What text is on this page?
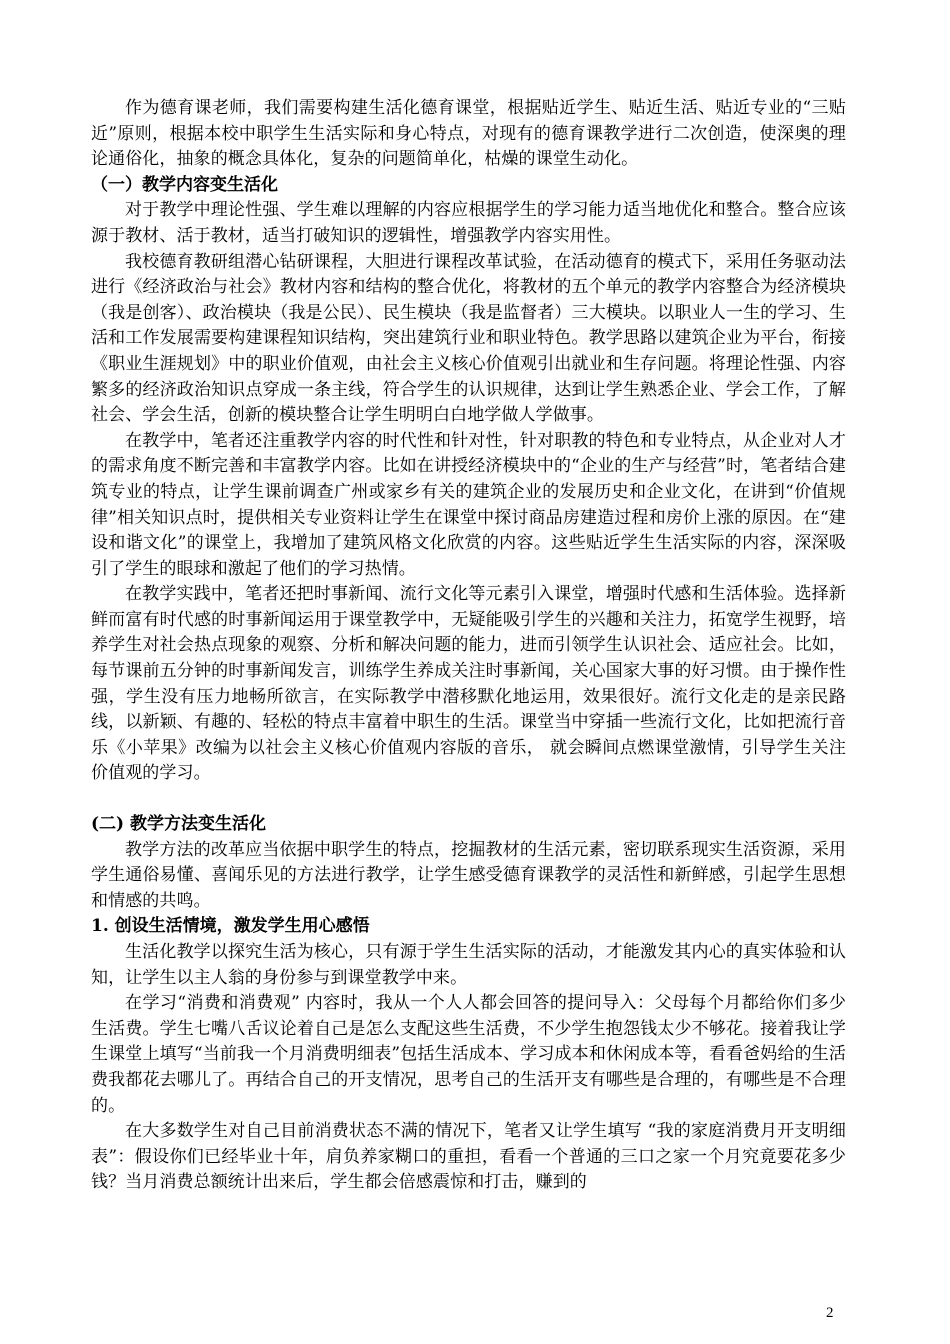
作为德育课老师，我们需要构建生活化德育课堂，根据贴近学生、贴近生活、贴近专业的“三贴近”原则，根据本校中职学生生活实际和身心特点，对现有的德育课教学进行二次创造，使深奥的理论通俗化，抽象的概念具体化，复杂的问题简单化，枯燥的课堂生动化。

（一）教学内容变生活化

对于教学中理论性强、学生难以理解的内容应根据学生的学习能力适当地优化和整合。整合应该源于教材、活于教材，适当打破知识的逻辑性，增强教学内容实用性。

我校德育教研组潜心钻研课程，大胆进行课程改革试验，在活动德育的模式下，采用任务驱动法进行《经济政治与社会》教材内容和结构的整合优化，将教材的五个单元的教学内容整合为经济模块（我是创客）、政治模块（我是公民）、民生模块（我是监督者）三大模块。以职业人一生的学习、生活和工作发展需要构建课程知识结构，突出建筑行业和职业特色。教学思路以建筑企业为平台，衔接《职业生涯规划》中的职业价值观，由社会主义核心价值观引出就业和生存问题。将理论性强、内容繁多的经济政治知识点穿成一条主线，符合学生的认识规律，达到让学生熟悉企业、学会工作，了解社会、学会生活，创新的模块整合让学生明明白白地学做人学做事。

在教学中，笔者还注重教学内容的时代性和针对性，针对职教的特色和专业特点，从企业对人才的需求角度不断完善和丰富教学内容。比如在讲授经济模块中的“企业的生产与经营”时，笔者结合建筑专业的特点，让学生课前调查广州或家乡有关的建筑企业的发展历史和企业文化，在讲到“价值规律”相关知识点时，提供相关专业资料让学生在课堂中探讨商品房建造过程和房价上涨的原因。在“建设和谐文化”的课堂上，我增加了建筑风格文化欣赏的内容。这些贴近学生生活实际的内容，深深吸引了学生的眼球和激起了他们的学习热情。

在教学实践中，笔者还把时事新闻、流行文化等元素引入课堂，增强时代感和生活体验。选择新鲜而富有时代感的时事新闻运用于课堂教学中，无疑能吸引学生的兴趣和关注力，拓宽学生视野，培养学生对社会热点现象的观察、分析和解决问题的能力，进而引领学生认识社会、适应社会。比如，每节课前五分钟的时事新闻发言，训练学生养成关注时事新闻，关心国家大事的好习惯。由于操作性强，学生没有压力地畅所欲言，在实际教学中潜移默化地运用，效果很好。流行文化走的是亲民路线，以新颖、有趣的、轻松的特点丰富着中职生的生活。课堂当中穿插一些流行文化，比如把流行音乐《小苹果》改编为以社会主义核心价值观内容版的音乐， 就会瞬间点燃课堂激情，引导学生关注价值观的学习。

(二) 教学方法变生活化

教学方法的改革应当依据中职学生的特点，挖掘教材的生活元素，密切联系现实生活资源，采用学生通俗易懂、喜闻乐见的方法进行教学，让学生感受德育课教学的灵活性和新鲜感，引起学生思想和情感的共鸣。

1. 创设生活情境，激发学生用心感悟

生活化教学以探究生活为核心，只有源于学生生活实际的活动，才能激发其内心的真实体验和认知，让学生以主人翁的身份参与到课堂教学中来。

在学习“消费和消费观” 内容时，我从一个人人都会回答的提问导入：父母每个月都给你们多少生活费。学生七嘴八舌议论着自己是怎么支配这些生活费，不少学生抱怨钱太少不够花。接着我让学生课堂上填写“当前我一个月消费明细表”包括生活成本、学习成本和休闲成本等，看看爸妈给的生活费我都花去哪儿了。再结合自己的开支情况，思考自己的生活开支有哪些是合理的，有哪些是不合理的。

在大多数学生对自己目前消费状态不满的情况下，笔者又让学生填写 “我的家庭消费月开支明细表”：假设你们已经毕业十年，肩负养家糊口的重担，看看一个普通的三口之家一个月究竟要花多少钱？当月消费总额统计出来后，学生都会倍感震惊和打击，赚到的

2
